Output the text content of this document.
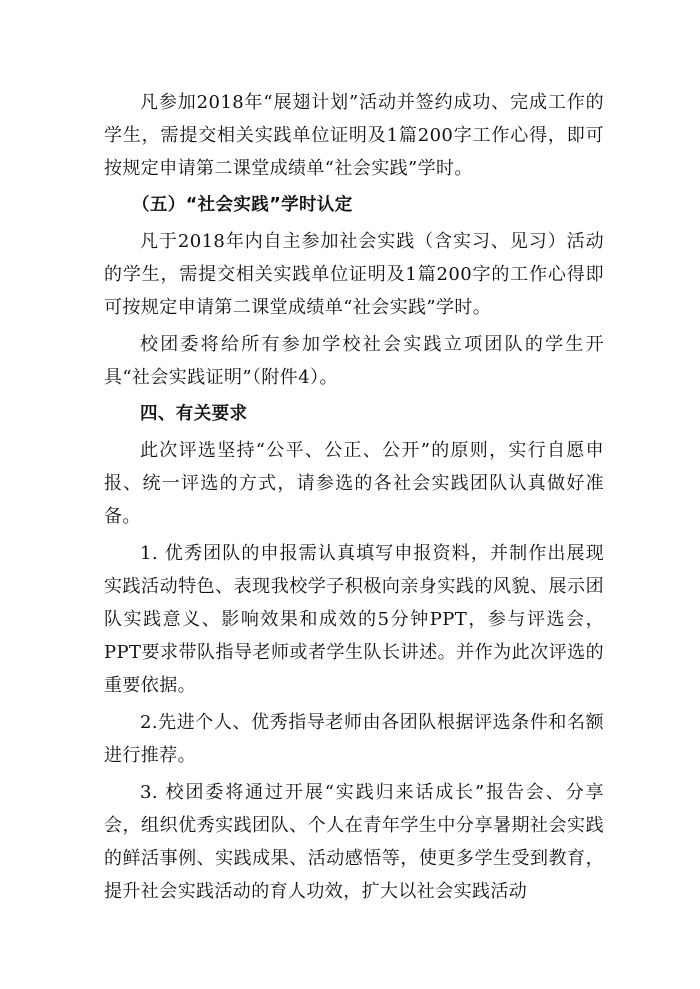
凡参加2018年“展翅计划”活动并签约成功、完成工作的学生，需提交相关实践单位证明及1篇200字工作心得，即可按规定申请第二课堂成绩单“社会实践”学时。

（五）“社会实践”学时认定

凡于2018年内自主参加社会实践（含实习、见习）活动的学生，需提交相关实践单位证明及1篇200字的工作心得即可按规定申请第二课堂成绩单“社会实践”学时。

校团委将给所有参加学校社会实践立项团队的学生开具“社会实践证明”（附件4）。

四、有关要求

此次评选坚持“公平、公正、公开”的原则，实行自愿申报、统一评选的方式，请参选的各社会实践团队认真做好准备。

1. 优秀团队的申报需认真填写申报资料，并制作出展现实践活动特色、表现我校学子积极向亲身实践的风貌、展示团队实践意义、影响效果和成效的5分钟PPT，参与评选会，PPT要求带队指导老师或者学生队长讲述。并作为此次评选的重要依据。

2.先进个人、优秀指导老师由各团队根据评选条件和名额进行推荐。

3. 校团委将通过开展“实践归来话成长”报告会、分享会，组织优秀实践团队、个人在青年学生中分享暑期社会实践的鲜活事例、实践成果、活动感悟等，使更多学生受到教育，提升社会实践活动的育人功效，扩大以社会实践活动
